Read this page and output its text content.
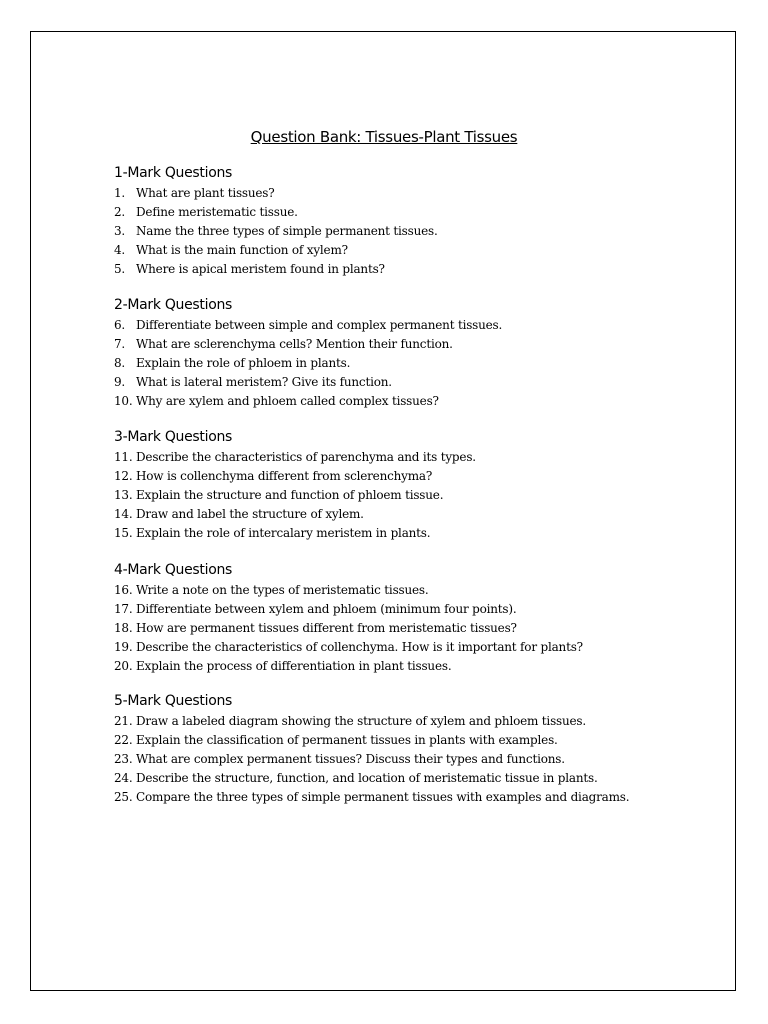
Question Bank: Tissues-Plant Tissues
1-Mark Questions
1. What are plant tissues?
2. Define meristematic tissue.
3. Name the three types of simple permanent tissues.
4. What is the main function of xylem?
5. Where is apical meristem found in plants?
2-Mark Questions
6. Differentiate between simple and complex permanent tissues.
7. What are sclerenchyma cells? Mention their function.
8. Explain the role of phloem in plants.
9. What is lateral meristem? Give its function.
10. Why are xylem and phloem called complex tissues?
3-Mark Questions
11. Describe the characteristics of parenchyma and its types.
12. How is collenchyma different from sclerenchyma?
13. Explain the structure and function of phloem tissue.
14. Draw and label the structure of xylem.
15. Explain the role of intercalary meristem in plants.
4-Mark Questions
16. Write a note on the types of meristematic tissues.
17. Differentiate between xylem and phloem (minimum four points).
18. How are permanent tissues different from meristematic tissues?
19. Describe the characteristics of collenchyma. How is it important for plants?
20. Explain the process of differentiation in plant tissues.
5-Mark Questions
21. Draw a labeled diagram showing the structure of xylem and phloem tissues.
22. Explain the classification of permanent tissues in plants with examples.
23. What are complex permanent tissues? Discuss their types and functions.
24. Describe the structure, function, and location of meristematic tissue in plants.
25. Compare the three types of simple permanent tissues with examples and diagrams.
